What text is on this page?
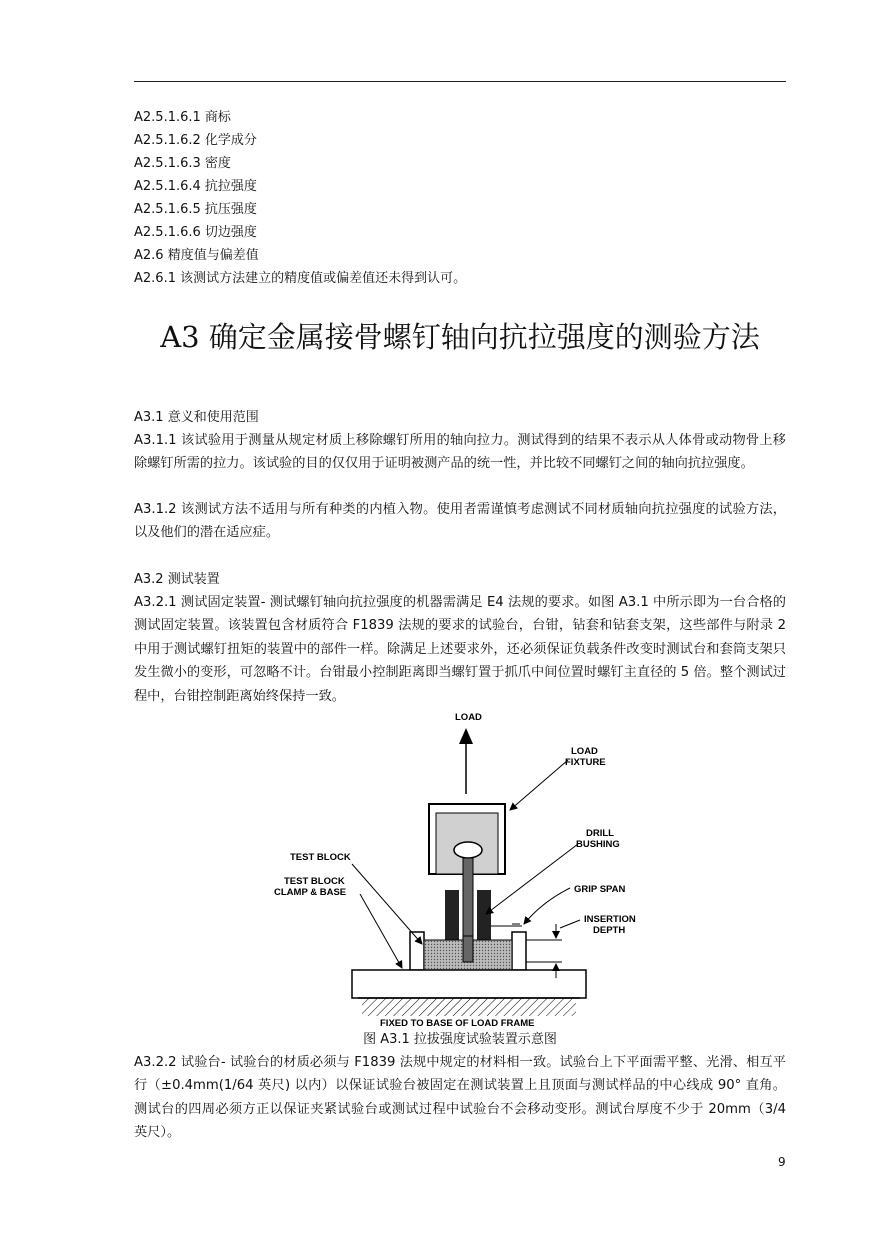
A2.5.1.6.1 商标
A2.5.1.6.2 化学成分
A2.5.1.6.3 密度
A2.5.1.6.4 抗拉强度
A2.5.1.6.5 抗压强度
A2.5.1.6.6 切边强度
A2.6 精度值与偏差值
A2.6.1 该测试方法建立的精度值或偏差值还未得到认可。
A3 确定金属接骨螺钉轴向抗拉强度的测验方法
A3.1 意义和使用范围
A3.1.1 该试验用于测量从规定材质上移除螺钉所用的轴向拉力。测试得到的结果不表示从人体骨或动物骨上移除螺钉所需的拉力。该试验的目的仅仅用于证明被测产品的统一性，并比较不同螺钉之间的轴向抗拉强度。
A3.1.2 该测试方法不适用与所有种类的内植入物。使用者需谨慎考虑测试不同材质轴向抗拉强度的试验方法，以及他们的潜在适应症。
A3.2 测试装置
A3.2.1 测试固定装置- 测试螺钉轴向抗拉强度的机器需满足 E4 法规的要求。如图 A3.1 中所示即为一台合格的测试固定装置。该装置包含材质符合 F1839 法规的要求的试验台，台钳，钻套和钻套支架，这些部件与附录 2 中用于测试螺钉扭矩的装置中的部件一样。除满足上述要求外，还必须保证负载条件改变时测试台和套筒支架只发生微小的变形，可忽略不计。台钳最小控制距离即当螺钉置于抓爪中间位置时螺钉主直径的 5 倍。整个测试过程中，台钳控制距离始终保持一致。
LOAD
LOAD
FIXTURE
DRILL
BUSHING
TEST BLOCK
TEST BLOCK
CLAMP & BASE	GRIP SPAN
INSERTION
DEPTH
FIXED TO BASE OF LOAD FRAME
图 A3.1 拉拔强度试验装置示意图
A3.2.2 试验台- 试验台的材质必须与 F1839 法规中规定的材料相一致。试验台上下平面需平整、光滑、相互平行（±0.4mm(1/64 英尺) 以内）以保证试验台被固定在测试装置上且顶面与测试样品的中心线成 90° 直角。测试台的四周必须方正以保证夹紧试验台或测试过程中试验台不会移动变形。测试台厚度不少于 20mm（3/4 英尺）。
9
